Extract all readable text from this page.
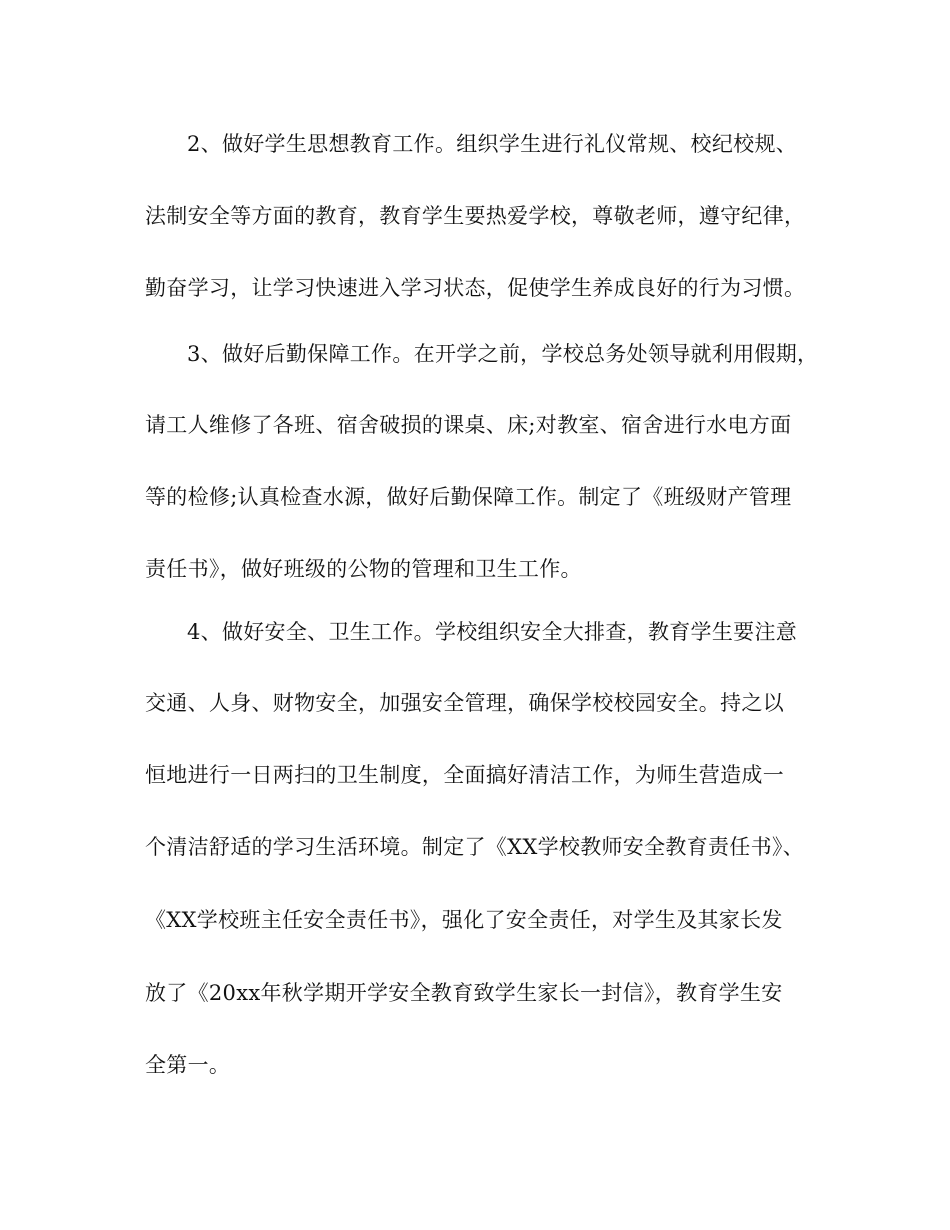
2、做好学生思想教育工作。组织学生进行礼仪常规、校纪校规、
法制安全等方面的教育，教育学生要热爱学校，尊敬老师，遵守纪律，
勤奋学习，让学习快速进入学习状态，促使学生养成良好的行为习惯。
3、做好后勤保障工作。在开学之前，学校总务处领导就利用假期，
请工人维修了各班、宿舍破损的课桌、床;对教室、宿舍进行水电方面
等的检修;认真检查水源，做好后勤保障工作。制定了《班级财产管理
责任书》，做好班级的公物的管理和卫生工作。
4、做好安全、卫生工作。学校组织安全大排查，教育学生要注意
交通、人身、财物安全，加强安全管理，确保学校校园安全。持之以
恒地进行一日两扫的卫生制度，全面搞好清洁工作，为师生营造成一
个清洁舒适的学习生活环境。制定了《XX学校教师安全教育责任书》、
《XX学校班主任安全责任书》，强化了安全责任，对学生及其家长发
放了《20xx年秋学期开学安全教育致学生家长一封信》，教育学生安
全第一。
